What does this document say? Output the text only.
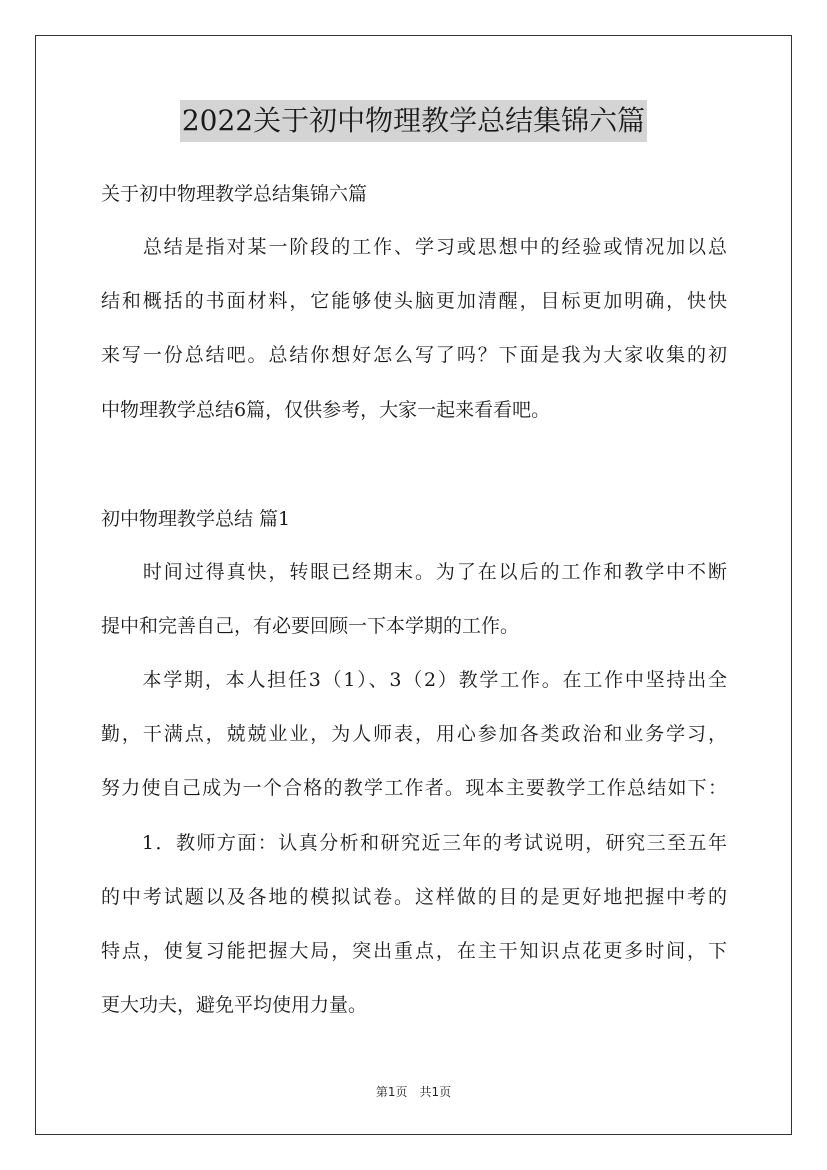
2022关于初中物理教学总结集锦六篇
关于初中物理教学总结集锦六篇
　　总结是指对某一阶段的工作、学习或思想中的经验或情况加以总
结和概括的书面材料，它能够使头脑更加清醒，目标更加明确，快快
来写一份总结吧。总结你想好怎么写了吗？下面是我为大家收集的初
中物理教学总结6篇，仅供参考，大家一起来看看吧。
初中物理教学总结 篇1
　　时间过得真快，转眼已经期末。为了在以后的工作和教学中不断
提中和完善自己，有必要回顾一下本学期的工作。
　　本学期，本人担任3（1）、3（2）教学工作。在工作中坚持出全
勤，干满点，兢兢业业，为人师表，用心参加各类政治和业务学习，
努力使自己成为一个合格的教学工作者。现本主要教学工作总结如下：
　　1．教师方面：认真分析和研究近三年的考试说明，研究三至五年
的中考试题以及各地的模拟试卷。这样做的目的是更好地把握中考的
特点，使复习能把握大局，突出重点，在主干知识点花更多时间，下
更大功夫，避免平均使用力量。
第1页　共1页
